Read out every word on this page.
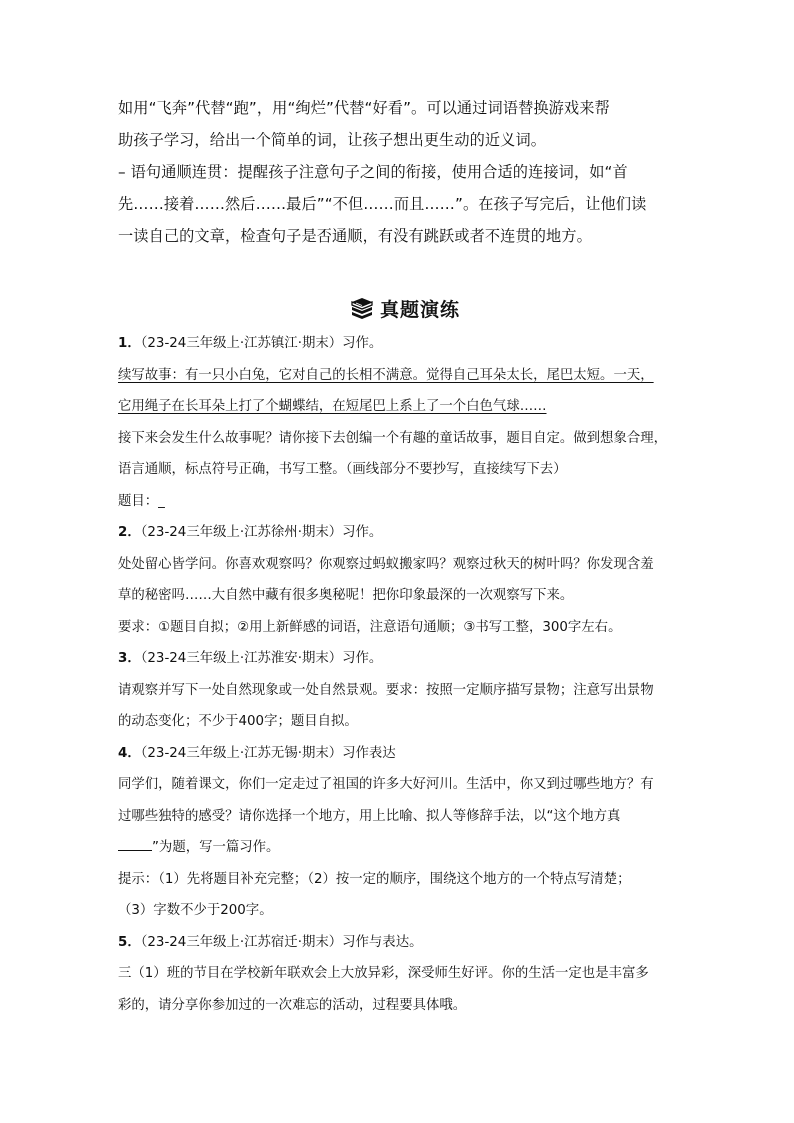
如用“飞奔”代替“跑”，用“绚烂”代替“好看”。可以通过词语替换游戏来帮
助孩子学习，给出一个简单的词，让孩子想出更生动的近义词。
– 语句通顺连贯：提醒孩子注意句子之间的衔接，使用合适的连接词，如“首
先……接着……然后……最后”“不但……而且……”。在孩子写完后，让他们读
一读自己的文章，检查句子是否通顺，有没有跳跃或者不连贯的地方。
真题演练
1．（23-24三年级上·江苏镇江·期末）习作。
续写故事：有一只小白兔，它对自己的长相不满意。觉得自己耳朵太长，尾巴太短。一天，
它用绳子在长耳朵上打了个蝴蝶结，在短尾巴上系上了一个白色气球……
接下来会发生什么故事呢？请你接下去创编一个有趣的童话故事，题目自定。做到想象合理，
语言通顺，标点符号正确，书写工整。（画线部分不要抄写，直接续写下去）
题目：_
2．（23-24三年级上·江苏徐州·期末）习作。
处处留心皆学问。你喜欢观察吗？你观察过蚂蚁搬家吗？观察过秋天的树叶吗？你发现含羞
草的秘密吗……大自然中藏有很多奥秘呢！把你印象最深的一次观察写下来。
要求：①题目自拟；②用上新鲜感的词语，注意语句通顺；③书写工整，300字左右。
3．（23-24三年级上·江苏淮安·期末）习作。
请观察并写下一处自然现象或一处自然景观。要求：按照一定顺序描写景物；注意写出景物
的动态变化；不少于400字；题目自拟。
4．（23-24三年级上·江苏无锡·期末）习作表达
同学们，随着课文，你们一定走过了祖国的许多大好河川。生活中，你又到过哪些地方？有
过哪些独特的感受？请你选择一个地方，用上比喻、拟人等修辞手法，以“这个地方真
”为题，写一篇习作。
提示：（1）先将题目补充完整；（2）按一定的顺序，围绕这个地方的一个特点写清楚；
（3）字数不少于200字。
5．（23-24三年级上·江苏宿迁·期末）习作与表达。
三（1）班的节目在学校新年联欢会上大放异彩，深受师生好评。你的生活一定也是丰富多
彩的，请分享你参加过的一次难忘的活动，过程要具体哦。
